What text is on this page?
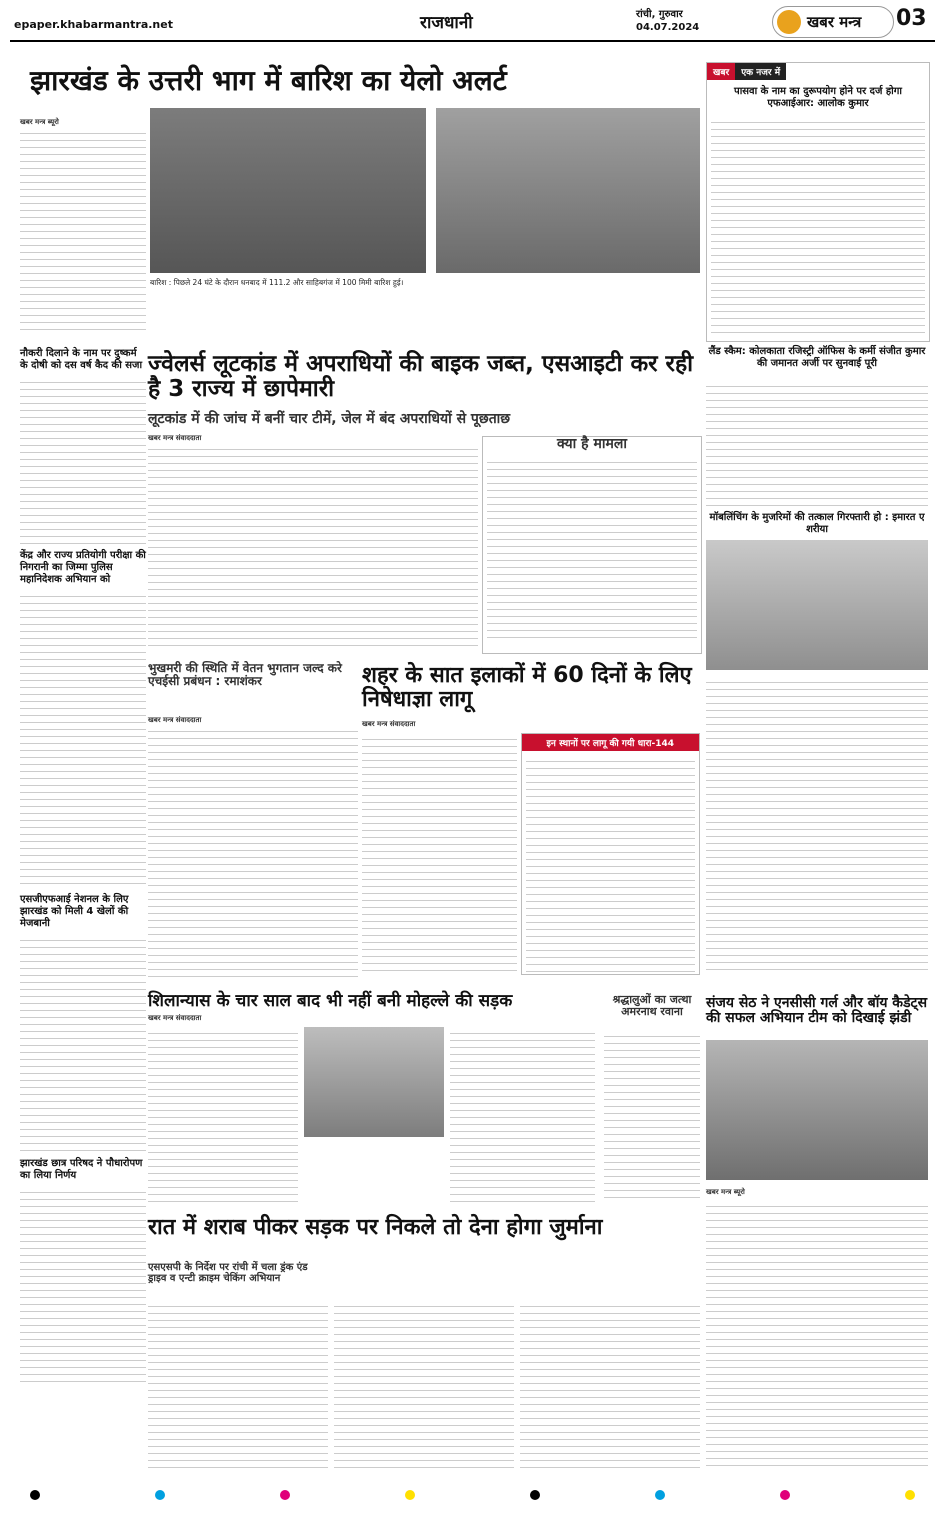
epaper.khabarmantra.net	राजधानी	रांची, गुरुवार
04.07.2024	खबर मन्त्र 03
झारखंड के उत्तरी भाग में बारिश का येलो अलर्ट
खबर मन्त्र ब्यूरो
बारिश : पिछले 24 घंटे के दौरान धनबाद में 111.2 और साहिबगंज में 100 मिमी बारिश हुई।
खबर	एक नजर में
पासवा के नाम का दुरूपयोग होने पर दर्ज होगा एफआईआर: आलोक कुमार
नौकरी दिलाने के नाम पर दुष्कर्म के दोषी को दस वर्ष कैद की सजा
केंद्र और राज्य प्रतियोगी परीक्षा की निगरानी का जिम्मा पुलिस महानिदेशक अभियान को
एसजीएफआई नेशनल के लिए झारखंड को मिली 4 खेलों की मेजबानी
झारखंड छात्र परिषद ने पौधारोपण का लिया निर्णय
ज्वेलर्स लूटकांड में अपराधियों की बाइक जब्त, एसआइटी कर रही है 3 राज्य में छापेमारी
लूटकांड में की जांच में बनीं चार टीमें, जेल में बंद अपराधियों से पूछताछ
खबर मन्त्र संवाददाता	क्या है मामला
लैंड स्कैम: कोलकाता रजिस्ट्री ऑफिस के कर्मी संजीत कुमार की जमानत अर्जी पर सुनवाई पूरी
मॉबलिंचिंग के मुजरिमों की तत्काल गिरफ्तारी हो : इमारत ए शरीया
भुखमरी की स्थिति में वेतन भुगतान जल्द करे एचईसी प्रबंधन : रमाशंकर
खबर मन्त्र संवाददाता
शहर के सात इलाकों में 60 दिनों के लिए निषेधाज्ञा लागू
खबर मन्त्र संवाददाता
इन स्थानों पर लागू की गयी धारा-144
शिलान्यास के चार साल बाद भी नहीं बनी मोहल्ले की सड़क
खबर मन्त्र संवाददाता
श्रद्धालुओं का जत्था अमरनाथ रवाना
संजय सेठ ने एनसीसी गर्ल और बॉय कैडेट्स की सफल अभियान टीम को दिखाई झंडी
खबर मन्त्र ब्यूरो
रात में शराब पीकर सड़क पर निकले तो देना होगा जुर्माना
एसएसपी के निर्देश पर रांची में चला ड्रंक एंड ड्राइव व एन्टी क्राइम चेकिंग अभियान
